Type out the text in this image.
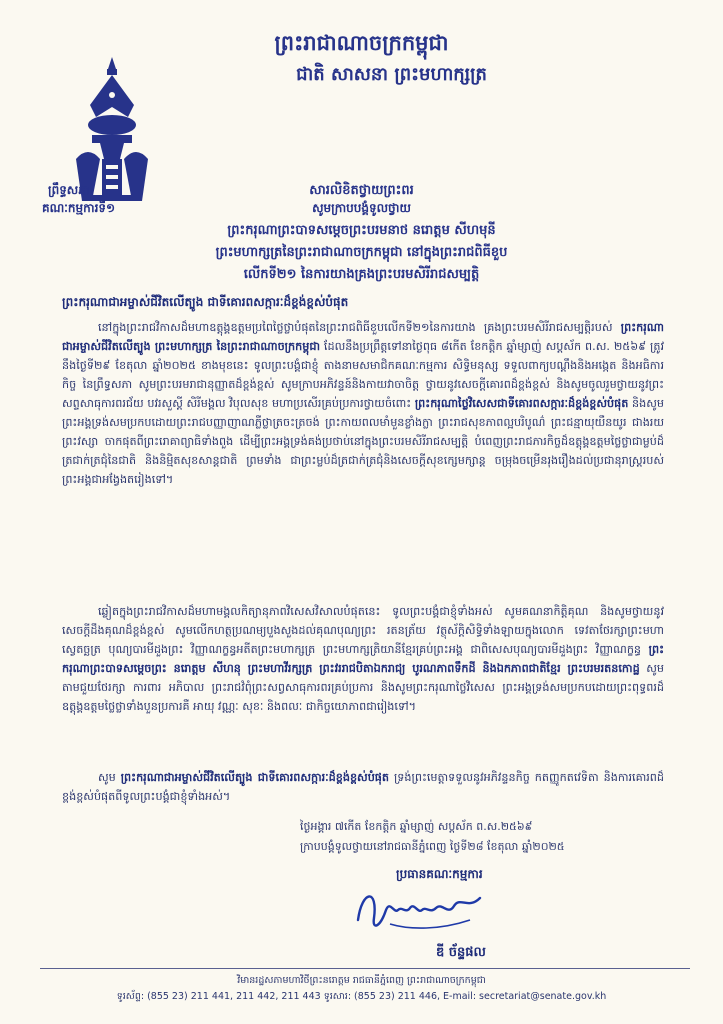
ព្រះរាជាណាចក្រកម្ពុជា
ជាតិ សាសនា ព្រះមហាក្សត្រ
ព្រឹទ្ធសភា
គណៈកម្មការទី១
សារលិខិតថ្វាយព្រះពរ
សូមក្រាបបង្គំទូលថ្វាយ
ព្រះករុណាព្រះបាទសម្តេចព្រះបរមនាថ នរោត្តម សីហមុនី
ព្រះមហាក្សត្រនៃព្រះរាជាណាចក្រកម្ពុជា នៅក្នុងព្រះរាជពិធីខួប
លើកទី២១ នៃការយាងគ្រងព្រះបរមសិរីរាជសម្បត្តិ
ព្រះករុណាជាអម្ចាស់ជីវិតលើត្បូង ជាទីគោរពសក្ការៈដ៏ខ្ពង់ខ្ពស់បំផុត
នៅក្នុងព្រះរាជវិកាសដ៏មហាឧត្តុង្គឧត្តមប្រពៃថ្លៃថ្លាបំផុតនៃព្រះរាជពិធីខួបលើកទី២១នៃការយាង គ្រងព្រះបរមសិរីរាជសម្បត្តិរបស់ ព្រះករុណាជាអម្ចាស់ជីវិតលើត្បូង ព្រះមហាក្សត្រ នៃព្រះរាជាណាចក្រកម្ពុជា ដែលនឹងប្រព្រឹត្តទៅនាថ្ងៃពុធ ៨កើត ខែកត្តិក ឆ្នាំម្សាញ់ សប្តស័ក ព.ស. ២៥៦៩ ត្រូវនឹងថ្ងៃទី២៩ ខែតុលា ឆ្នាំ២០២៥ ខាងមុខនេះ ទូលព្រះបង្គំជាខ្ញុំ តាងនាមសមាជិកគណៈកម្មការ សិទ្ធិមនុស្ស ទទួលពាក្យបណ្តឹងនិងអង្កេត និងអធិការកិច្ច នៃព្រឹទ្ធសភា សូមព្រះបរមរាជានុញ្ញាតដ៏ខ្ពង់ខ្ពស់ សូមក្រាបអភិវន្ទន៍និងកាយវាចាចិត្ត ថ្វាយនូវសេចក្តីគោរពដ៏ខ្ពង់ខ្ពស់ និងសូមចូលរួមថ្វាយនូវព្រះសព្ទសាធុការពរជ័យ បវរសួស្តី សិរីមង្គល វិបុលសុខ មហាប្រសើរគ្រប់ប្រការថ្វាយចំពោះ ព្រះករុណាថ្លៃវិសេសជាទីគោរពសក្ការៈដ៏ខ្ពង់ខ្ពស់បំផុត និងសូមព្រះអង្គទ្រង់សមប្រកបដោយព្រះរាជបញ្ញាញាណភ្លឺថ្លាត្រចះត្រចង់ ព្រះកាយពលមាំមួនខ្លាំងក្លា ព្រះរាជសុខភាពល្អបរិបូណ៌ ព្រះជន្មាយុយឺនយូរ ជាងរយព្រះវស្សា ចាកផុតពីព្រះរោគាព្យាធិទាំងពួង ដើម្បីព្រះអង្គទ្រង់គង់ប្រថាប់នៅក្នុងព្រះបរមសិរីរាជសម្បត្តិ បំពេញព្រះរាជភារកិច្ចដ៏ឧត្តុង្គឧត្តមថ្លៃថ្លាជាម្លប់ដ៏ត្រជាក់ត្រជុំនៃជាតិ និងនិម្មិតសុខសាន្តជាតិ ព្រមទាំង ជាព្រះម្លប់ដ៏ត្រជាក់ត្រជុំនិងសេចក្តីសុខក្សេមក្សាន្ត ចម្រុងចម្រើនរុងរឿងដល់ប្រជានុរាស្ត្ររបស់ព្រះអង្គជាអង្វែងតរៀងទៅ។
ឆ្លៀតក្នុងព្រះរាជវិកាសដ៏មហាមង្គលកិត្យានុភាពវិសេសវិសាលបំផុតនេះ ទូលព្រះបង្គំជាខ្ញុំទាំងអស់ សូមគណនាកិត្តិគុណ និងសូមថ្វាយនូវសេចក្តីដឹងគុណដ៏ខ្ពង់ខ្ពស់ សូមលើកហត្ថប្រណម្យបួងសួងដល់គុណបុណ្យព្រះ រតនត្រ័យ វត្ថុស័ក្តិសិទ្ធិទាំងឡាយក្នុងលោក ទេវតាថែរក្សាព្រះមហាស្វេតច្ឆត្រ បុណ្យបារមីដួងព្រះ វិញ្ញាណក្ខន្ធអតីតព្រះមហាក្សត្រ ព្រះមហាក្សត្រិយានីខ្មែរគ្រប់ព្រះអង្គ ជាពិសេសបុណ្យបារមីដួងព្រះ វិញ្ញាណក្ខន្ធ ព្រះករុណាព្រះបាទសម្តេចព្រះ នរោត្តម សីហនុ ព្រះមហាវីរក្សត្រ ព្រះវររាជបិតាឯករាជ្យ បូរណភាពទឹកដី និងឯកភាពជាតិខ្មែរ ព្រះបរមរតនកោដ្ឋ សូមតាមជួយថែរក្សា ការពារ អភិបាល ព្រះរាជវំពុំព្រះសព្វសាធុការពរគ្រប់ប្រការ និងសូមព្រះករុណាថ្លៃវិសេស ព្រះអង្គទ្រង់សមប្រកបដោយព្រះពុទ្ធពរដ៏ឧត្តុង្គឧត្តមថ្លៃថ្លាទាំងបួនប្រការគឺ អាយុ វណ្ណៈ សុខៈ និងពលៈ ជាកិច្ចយោភាពជារៀងទៅ។
សូម ព្រះករុណាជាអម្ចាស់ជីវិតលើត្បូង ជាទីគោរពសក្ការៈដ៏ខ្ពង់ខ្ពស់បំផុត ទ្រង់ព្រះមេត្តាទទួលនូវអភិវន្ទនកិច្ច កតញ្ញូកតវេទិតា និងការគោរពដ៏ខ្ពង់ខ្ពស់បំផុតពីទូលព្រះបង្គំជាខ្ញុំទាំងអស់។
ថ្ងៃអង្គារ ៧កើត ខែកត្តិក ឆ្នាំម្សាញ់ សប្តស័ក ព.ស.២៥៦៩
ក្រាបបង្គំទូលថ្វាយនៅរាជធានីភ្នំពេញ ថ្ងៃទី២៨ ខែតុលា ឆ្នាំ២០២៥
ប្រធានគណៈកម្មការ
ឌី ច័ន្ទផល
វិមានរដ្ឋសភាមហាវិថីព្រះនរោត្តម រាជធានីភ្នំពេញ ព្រះរាជាណាចក្រកម្ពុជា
ទូរស័ព្ទ: (855 23) 211 441, 211 442, 211 443 ទូរសារ: (855 23) 211 446, E-mail: secretariat@senate.gov.kh
